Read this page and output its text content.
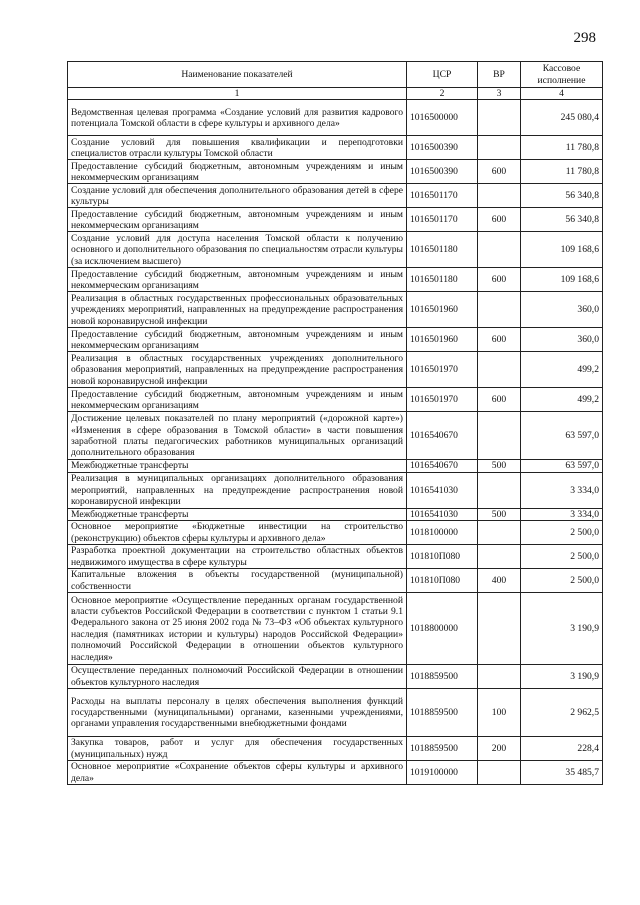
298
Наименование показателей	ЦСР	ВР	Кассовое исполнение
1	2	3	4
Ведомственная целевая программа «Создание условий для развития кадрового потенциала Томской области в сфере культуры и архивного дела»	1016500000		245 080,4
Создание условий для повышения квалификации и переподготовки специалистов отрасли культуры Томской области	1016500390		11 780,8
Предоставление субсидий бюджетным, автономным учреждениям и иным некоммерческим организациям	1016500390	600	11 780,8
Создание условий для обеспечения дополнительного образования детей в сфере культуры	1016501170		56 340,8
Предоставление субсидий бюджетным, автономным учреждениям и иным некоммерческим организациям	1016501170	600	56 340,8
Создание условий для доступа населения Томской области к получению основного и дополнительного образования по специальностям отрасли культуры (за исключением высшего)	1016501180		109 168,6
Предоставление субсидий бюджетным, автономным учреждениям и иным некоммерческим организациям	1016501180	600	109 168,6
Реализация в областных государственных профессиональных образовательных учреждениях мероприятий, направленных на предупреждение распространения новой коронавирусной инфекции	1016501960		360,0
Предоставление субсидий бюджетным, автономным учреждениям и иным некоммерческим организациям	1016501960	600	360,0
Реализация в областных государственных учреждениях дополнительного образования мероприятий, направленных на предупреждение распространения новой коронавирусной инфекции	1016501970		499,2
Предоставление субсидий бюджетным, автономным учреждениям и иным некоммерческим организациям	1016501970	600	499,2
Достижение целевых показателей по плану мероприятий («дорожной карте») «Изменения в сфере образования в Томской области» в части повышения заработной платы педагогических работников муниципальных организаций дополнительного образования	1016540670		63 597,0
Межбюджетные трансферты	1016540670	500	63 597,0
Реализация в муниципальных организациях дополнительного образования мероприятий, направленных на предупреждение распространения новой коронавирусной инфекции	1016541030		3 334,0
Межбюджетные трансферты	1016541030	500	3 334,0
Основное мероприятие «Бюджетные инвестиции на строительство (реконструкцию) объектов сферы культуры и архивного дела»	1018100000		2 500,0
Разработка проектной документации на строительство областных объектов недвижимого имущества в сфере культуры	101810П080		2 500,0
Капитальные вложения в объекты государственной (муниципальной) собственности	101810П080	400	2 500,0
Основное мероприятие «Осуществление переданных органам государственной власти субъектов Российской Федерации в соответствии с пунктом 1 статьи 9.1 Федерального закона от 25 июня 2002 года № 73–ФЗ «Об объектах культурного наследия (памятниках истории и культуры) народов Российской Федерации» полномочий Российской Федерации в отношении объектов культурного наследия»	1018800000		3 190,9
Осуществление переданных полномочий Российской Федерации в отношении объектов культурного наследия	1018859500		3 190,9
Расходы на выплаты персоналу в целях обеспечения выполнения функций государственными (муниципальными) органами, казенными учреждениями, органами управления государственными внебюджетными фондами	1018859500	100	2 962,5
Закупка товаров, работ и услуг для обеспечения государственных (муниципальных) нужд	1018859500	200	228,4
Основное мероприятие «Сохранение объектов сферы культуры и архивного дела»	1019100000		35 485,7
